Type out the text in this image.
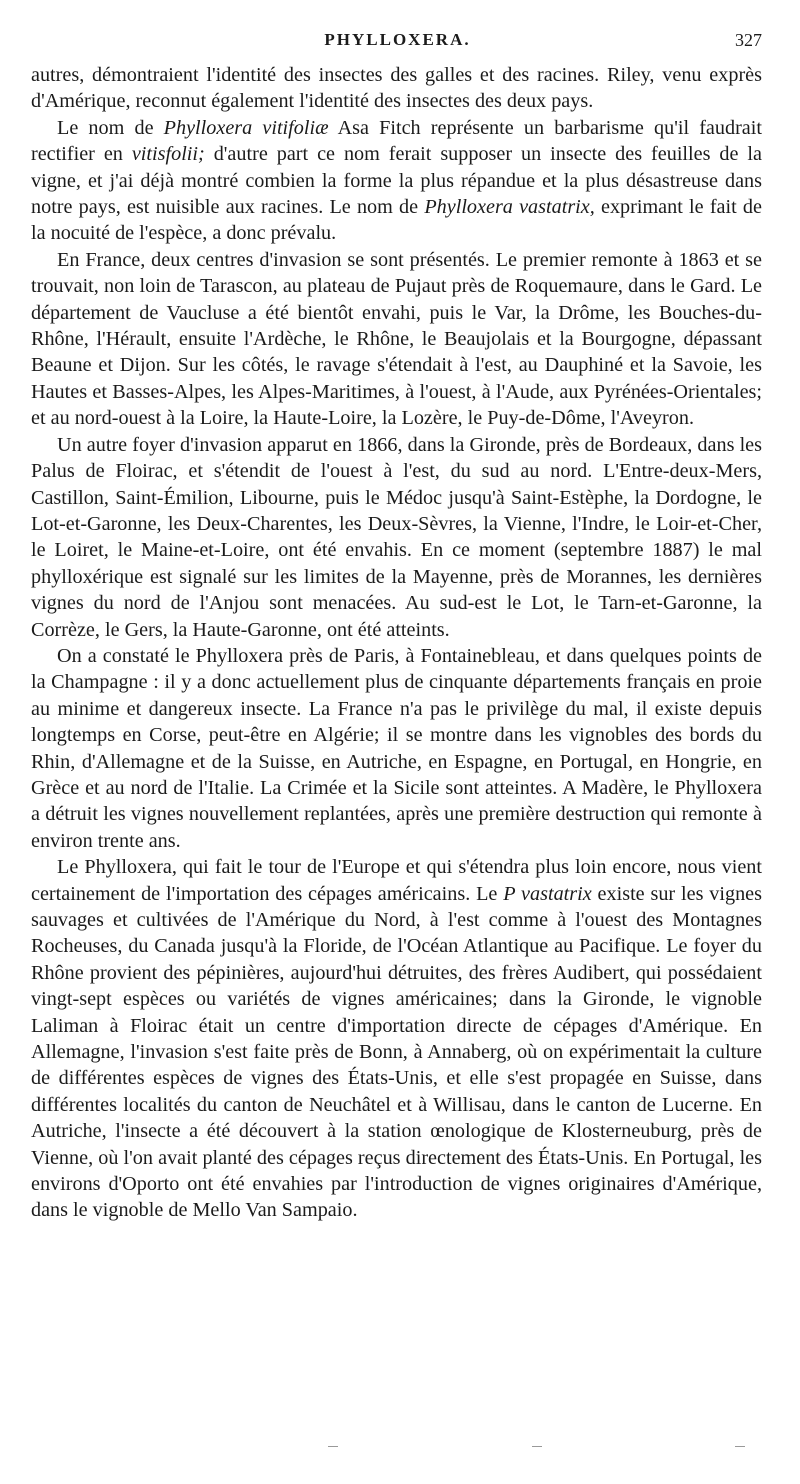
PHYLLOXERA.	327

autres, démontraient l'identité des insectes des galles et des racines. Riley, venu exprès d'Amérique, reconnut également l'identité des insectes des deux pays.

Le nom de Phylloxera vitifoliæ Asa Fitch représente un barbarisme qu'il faudrait rectifier en vitisfolii; d'autre part ce nom ferait supposer un insecte des feuilles de la vigne, et j'ai déjà montré combien la forme la plus répandue et la plus désastreuse dans notre pays, est nuisible aux racines. Le nom de Phylloxera vastatrix, exprimant le fait de la nocuité de l'espèce, a donc prévalu.

En France, deux centres d'invasion se sont présentés. Le premier remonte à 1863 et se trouvait, non loin de Tarascon, au plateau de Pujaut près de Roquemaure, dans le Gard. Le département de Vaucluse a été bientôt envahi, puis le Var, la Drôme, les Bouches-du-Rhône, l'Hérault, ensuite l'Ardèche, le Rhône, le Beaujolais et la Bourgogne, dépassant Beaune et Dijon. Sur les côtés, le ravage s'étendait à l'est, au Dauphiné et la Savoie, les Hautes et Basses-Alpes, les Alpes-Maritimes, à l'ouest, à l'Aude, aux Pyrénées-Orientales; et au nord-ouest à la Loire, la Haute-Loire, la Lozère, le Puy-de-Dôme, l'Aveyron.

Un autre foyer d'invasion apparut en 1866, dans la Gironde, près de Bordeaux, dans les Palus de Floirac, et s'étendit de l'ouest à l'est, du sud au nord. L'Entre-deux-Mers, Castillon, Saint-Émilion, Libourne, puis le Médoc jusqu'à Saint-Estèphe, la Dordogne, le Lot-et-Garonne, les Deux-Charentes, les Deux-Sèvres, la Vienne, l'Indre, le Loir-et-Cher, le Loiret, le Maine-et-Loire, ont été envahis. En ce moment (septembre 1887) le mal phylloxérique est signalé sur les limites de la Mayenne, près de Morannes, les dernières vignes du nord de l'Anjou sont menacées. Au sud-est le Lot, le Tarn-et-Garonne, la Corrèze, le Gers, la Haute-Garonne, ont été atteints.

On a constaté le Phylloxera près de Paris, à Fontainebleau, et dans quelques points de la Champagne : il y a donc actuellement plus de cinquante départements français en proie au minime et dangereux insecte. La France n'a pas le privilège du mal, il existe depuis longtemps en Corse, peut-être en Algérie; il se montre dans les vignobles des bords du Rhin, d'Allemagne et de la Suisse, en Autriche, en Espagne, en Portugal, en Hongrie, en Grèce et au nord de l'Italie. La Crimée et la Sicile sont atteintes. A Madère, le Phylloxera a détruit les vignes nouvellement replantées, après une première destruction qui remonte à environ trente ans.

Le Phylloxera, qui fait le tour de l'Europe et qui s'étendra plus loin encore, nous vient certainement de l'importation des cépages américains. Le P vastatrix existe sur les vignes sauvages et cultivées de l'Amérique du Nord, à l'est comme à l'ouest des Montagnes Rocheuses, du Canada jusqu'à la Floride, de l'Océan Atlantique au Pacifique. Le foyer du Rhône provient des pépinières, aujourd'hui détruites, des frères Audibert, qui possédaient vingt-sept espèces ou variétés de vignes américaines; dans la Gironde, le vignoble Laliman à Floirac était un centre d'importation directe de cépages d'Amérique. En Allemagne, l'invasion s'est faite près de Bonn, à Annaberg, où on expérimentait la culture de différentes espèces de vignes des États-Unis, et elle s'est propagée en Suisse, dans différentes localités du canton de Neuchâtel et à Willisau, dans le canton de Lucerne. En Autriche, l'insecte a été découvert à la station œnologique de Klosterneuburg, près de Vienne, où l'on avait planté des cépages reçus directement des États-Unis. En Portugal, les environs d'Oporto ont été envahies par l'introduction de vignes originaires d'Amérique, dans le vignoble de Mello Van Sampaio.
